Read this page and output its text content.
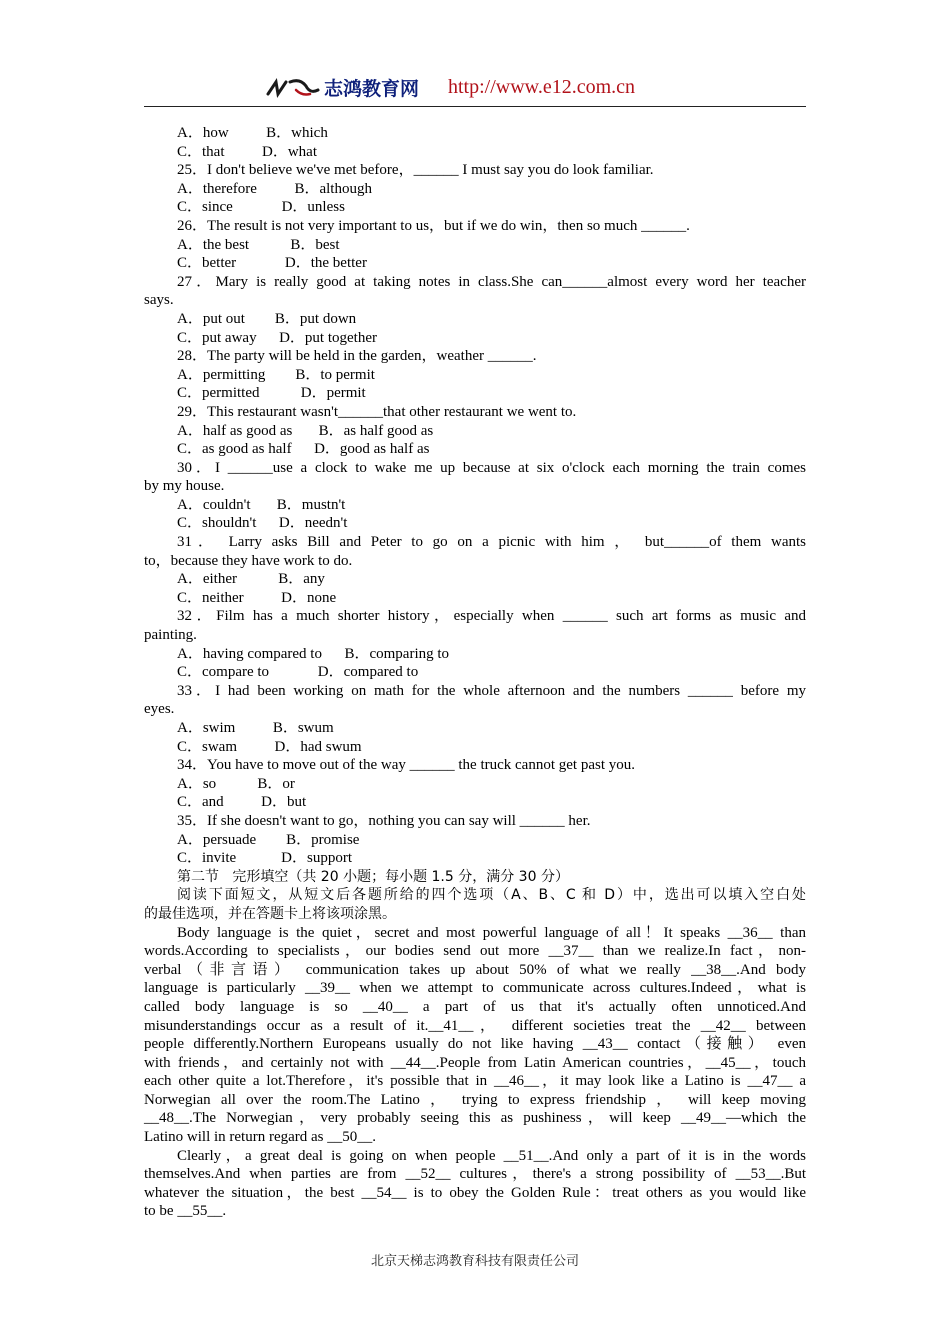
志鸿教育网 http://www.e12.com.cn
A．how          B．which
C．that          D．what
25．I don't believe we've met before，______ I must say you do look familiar.
A．therefore          B．although
C．since             D．unless
26．The result is not very important to us，but if we do win，then so much ______.
A．the best           B．best
C．better             D．the better
27．Mary is really good at taking notes in class.She can______almost every word her teacher
says.
A．put out        B．put down
C．put away      D．put together
28．The party will be held in the garden，weather ______.
A．permitting        B．to permit
C．permitted           D．permit
29．This restaurant wasn't______that other restaurant we went to.
A．half as good as       B．as half good as
C．as good as half      D．good as half as
30．I ______use a clock to wake me up because at six o'clock each morning the train comes
by my house.
A．couldn't       B．mustn't
C．shouldn't      D．needn't
31． Larry asks Bill and Peter to go on a picnic with him ， but______of them wants
to，because they have work to do.
A．either           B．any
C．neither          D．none
32．Film has a much shorter history，especially when ______ such art forms as music and
painting.
A．having compared to      B．comparing to
C．compare to             D．compared to
33．I had been working on math for the whole afternoon and the numbers ______ before my
eyes.
A．swim          B．swum
C．swam          D．had swum
34．You have to move out of the way ______ the truck cannot get past you.
A．so           B．or
C．and          D．but
35．If she doesn't want to go，nothing you can say will ______ her.
A．persuade        B．promise
C．invite            D．support
第二节   完形填空（共 20 小题；每小题 1.5 分，满分 30 分）
阅读下面短文，从短文后各题所给的四个选项（A、B、C 和 D）中，选出可以填入空白处
的最佳选项，并在答题卡上将该项涂黑。
Body language is the quiet，secret and most powerful language of all！It speaks __36__ than
words.According to specialists，our bodies send out more __37__ than we realize.In fact，non-
verbal（非言语） communication takes up about 50% of what we really __38__.And body
language is particularly __39__ when we attempt to communicate across cultures.Indeed，what is
called body language is so __40__ a part of us that it's actually often unnoticed.And
misunderstandings occur as a result of it.__41__， different societies treat the __42__ between
people differently.Northern Europeans usually do not like having __43__ contact（接触） even
with friends，and certainly not with __44__.People from Latin American countries，__45__，touch
each other quite a lot.Therefore，it's possible that in __46__，it may look like a Latino is __47__ a
Norwegian all over the room.The Latino ， trying to express friendship ， will keep moving
__48__.The Norwegian，very probably seeing this as pushiness，will keep __49__—which the
Latino will in return regard as __50__.
Clearly，a great deal is going on when people __51__.And only a part of it is in the words
themselves.And when parties are from __52__ cultures，there's a strong possibility of __53__.But
whatever the situation，the best __54__ is to obey the Golden Rule：treat others as you would like
to be __55__.
北京天梯志鸿教育科技有限责任公司
